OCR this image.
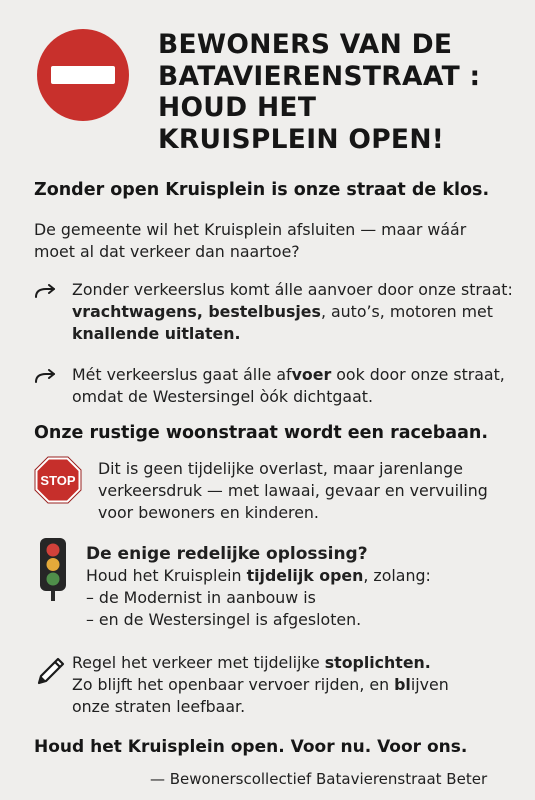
BEWONERS VAN DE
BATAVIERENSTRAAT :
HOUD HET
KRUISPLEIN OPEN!
Zonder open Kruisplein is onze straat de klos.
De gemeente wil het Kruisplein afsluiten — maar wáár
moet al dat verkeer dan naartoe?
Zonder verkeerslus komt álle aanvoer door onze straat:
vrachtwagens, bestelbusjes, auto’s, motoren met
knallende uitlaten.
Mét verkeerslus gaat álle afvoer ook door onze straat,
omdat de Westersingel òók dichtgaat.
Onze rustige woonstraat wordt een racebaan.
STOP
Dit is geen tijdelijke overlast, maar jarenlange
verkeersdruk — met lawaai, gevaar en vervuiling
voor bewoners en kinderen.
De enige redelijke oplossing?
Houd het Kruisplein tijdelijk open, zolang:
– de Modernist in aanbouw is
– en de Westersingel is afgesloten.
Regel het verkeer met tijdelijke stoplichten.
Zo blijft het openbaar vervoer rijden, en blijven
onze straten leefbaar.
Houd het Kruisplein open. Voor nu. Voor ons.
— Bewonerscollectief Batavierenstraat Beter
